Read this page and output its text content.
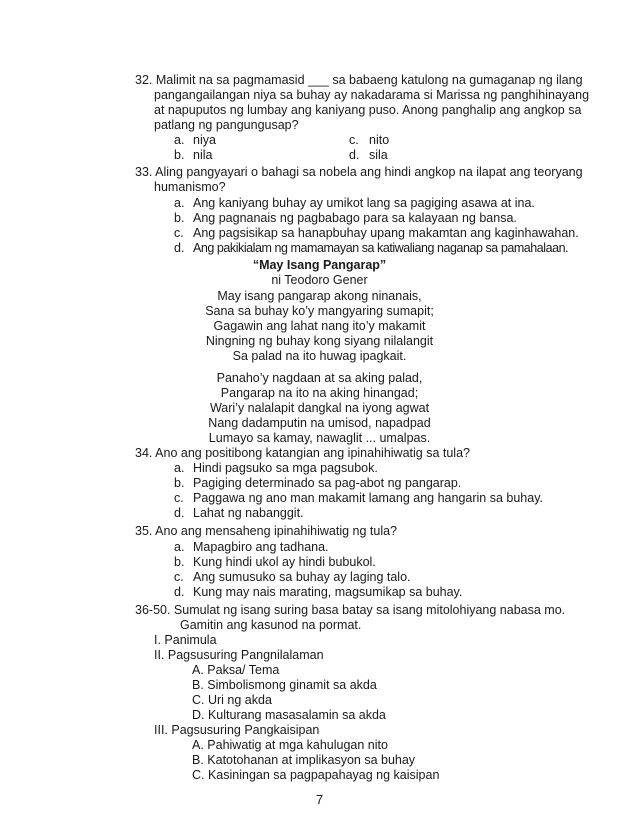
32. Malimit na sa pagmamasid ___ sa babaeng katulong na gumaganap ng ilang
pangangailangan niya sa buhay ay nakadarama si Marissa ng panghihinayang
at napuputos ng lumbay ang kaniyang puso. Anong panghalip ang angkop sa
patlang ng pangungusap?
a. niya
b. nila
c. nito
d. sila
33. Aling pangyayari o bahagi sa nobela ang hindi angkop na ilapat ang teoryang
humanismo?
a. Ang kaniyang buhay ay umikot lang sa pagiging asawa at ina.
b. Ang pagnanais ng pagbabago para sa kalayaan ng bansa.
c. Ang pagsisikap sa hanapbuhay upang makamtan ang kaginhawahan.
d. Ang pakikialam ng mamamayan sa katiwaliang naganap sa pamahalaan.
“May Isang Pangarap”
ni Teodoro Gener
May isang pangarap akong ninanais,
Sana sa buhay ko’y mangyaring sumapit;
Gagawin ang lahat nang ito’y makamit
Ningning ng buhay kong siyang nilalangit
Sa palad na ito huwag ipagkait.
Panaho’y nagdaan at sa aking palad,
Pangarap na ito na aking hinangad;
Wari’y nalalapit dangkal na iyong agwat
Nang dadamputin na umisod, napadpad
Lumayo sa kamay, nawaglit ... umalpas.
34. Ano ang positibong katangian ang ipinahihiwatig sa tula?
a. Hindi pagsuko sa mga pagsubok.
b. Pagiging determinado sa pag-abot ng pangarap.
c. Paggawa ng ano man makamit lamang ang hangarin sa buhay.
d. Lahat ng nabanggit.
35. Ano ang mensaheng ipinahihiwatig ng tula?
a. Mapagbiro ang tadhana.
b. Kung hindi ukol ay hindi bubukol.
c. Ang sumusuko sa buhay ay laging talo.
d. Kung may nais marating, magsumikap sa buhay.
36-50. Sumulat ng isang suring basa batay sa isang mitolohiyang nabasa mo.
Gamitin ang kasunod na pormat.
I. Panimula
II. Pagsusuring Pangnilalaman
A. Paksa/ Tema
B. Simbolismong ginamit sa akda
C. Uri ng akda
D. Kulturang masasalamin sa akda
III. Pagsusuring Pangkaisipan
A. Pahiwatig at mga kahulugan nito
B. Katotohanan at implikasyon sa buhay
C. Kasiningan sa pagpapahayag ng kaisipan
7
